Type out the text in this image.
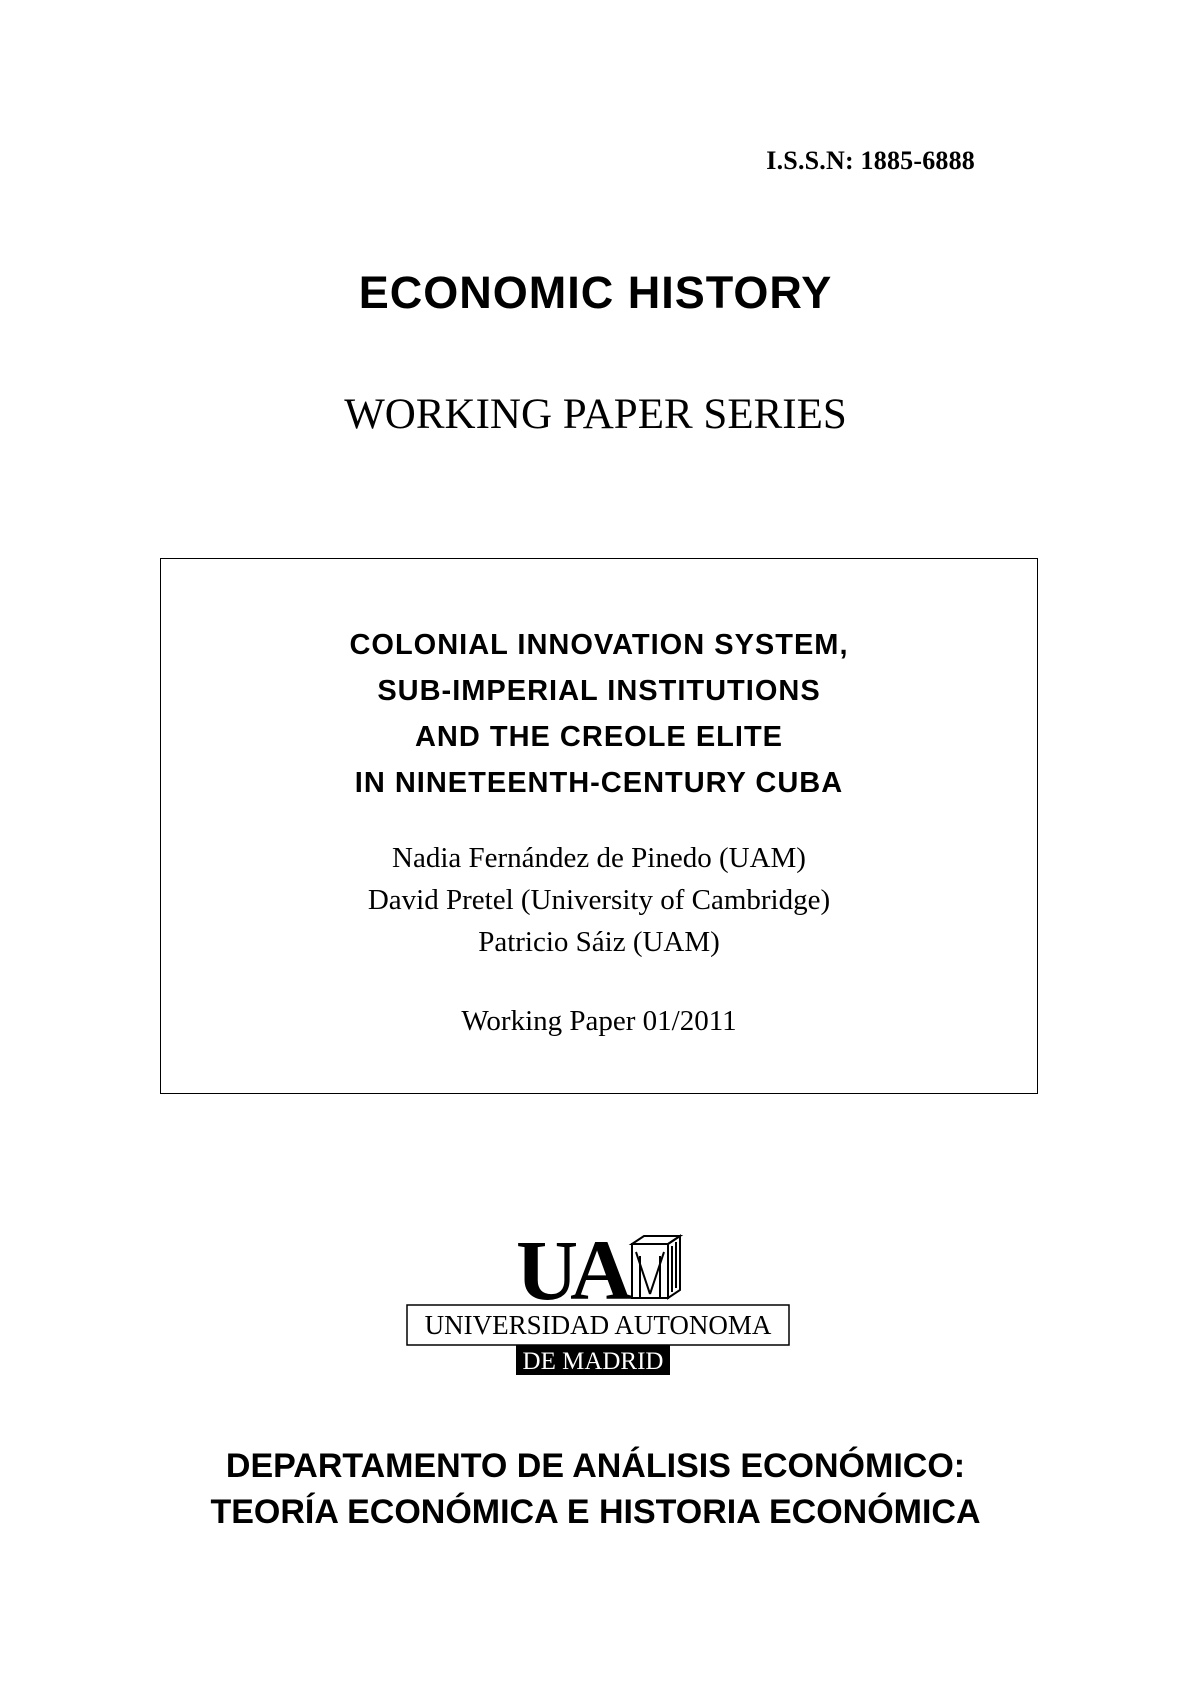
I.S.S.N: 1885-6888
ECONOMIC HISTORY
WORKING PAPER SERIES
COLONIAL INNOVATION SYSTEM,
SUB-IMPERIAL INSTITUTIONS
AND THE CREOLE ELITE
IN NINETEENTH-CENTURY CUBA
Nadia Fernández de Pinedo (UAM)
David Pretel (University of Cambridge)
Patricio Sáiz (UAM)
Working Paper 01/2011
UA
UNIVERSIDAD AUTONOMA
DE MADRID
DEPARTAMENTO DE ANÁLISIS ECONÓMICO:
TEORÍA ECONÓMICA E HISTORIA ECONÓMICA
